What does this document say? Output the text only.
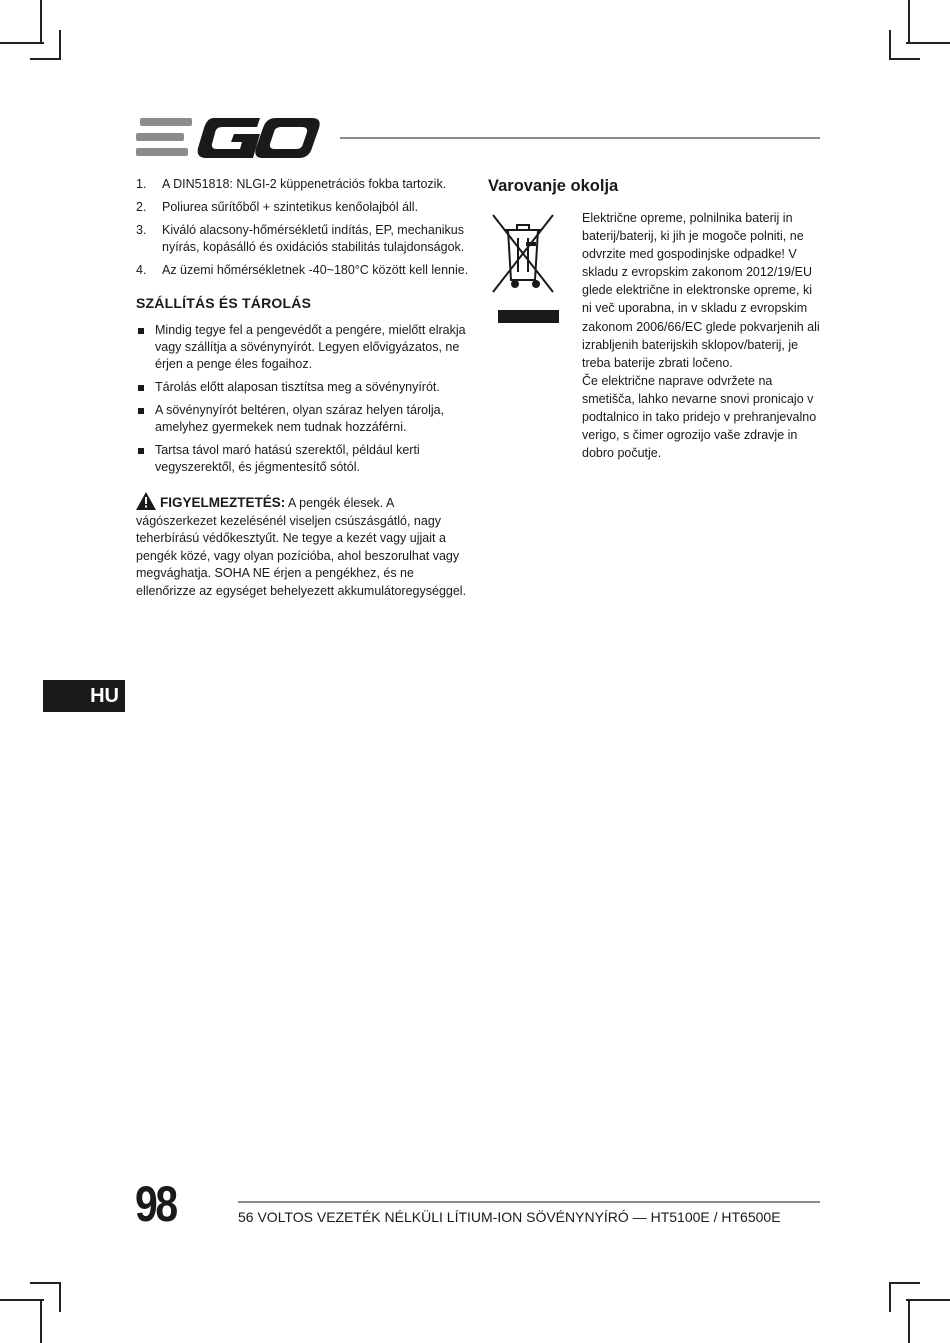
1.	A DIN51818: NLGI-2 küppenetrációs fokba tartozik.
2.	Poliurea sűrítőből + szintetikus kenőolajból áll.
3.	Kiváló alacsony-hőmérsékletű indítás, EP, mechanikus nyírás, kopásálló és oxidációs stabilitás tulajdonságok.
4.	Az üzemi hőmérsékletnek -40~180°C között kell lennie.
SZÁLLÍTÁS ÉS TÁROLÁS
Mindig tegye fel a pengevédőt a pengére, mielőtt elrakja vagy szállítja a sövénynyírót. Legyen elővigyázatos, ne érjen a penge éles fogaihoz.
Tárolás előtt alaposan tisztítsa meg a sövénynyírót.
A sövénynyírót beltéren, olyan száraz helyen tárolja, amelyhez gyermekek nem tudnak hozzáférni.
Tartsa távol maró hatású szerektől, például kerti vegyszerektől, és jégmentesítő sótól.
FIGYELMEZTETÉS: A pengék élesek. A vágószerkezet kezelésénél viseljen csúszásgátló, nagy teherbírású védőkesztyűt. Ne tegye a kezét vagy ujjait a pengék közé, vagy olyan pozícióba, ahol beszorulhat vagy megvághatja. SOHA NE érjen a pengékhez, és ne ellenőrizze az egységet behelyezett akkumulátoregységgel.
Varovanje okolja

Električne opreme, polnilnika baterij in baterij/baterij, ki jih je mogoče polniti, ne odvrzite med gospodinjske odpadke! V skladu z evropskim zakonom 2012/19/EU glede električne in elektronske opreme, ki ni več uporabna, in v skladu z evropskim zakonom 2006/66/EC glede pokvarjenih ali izrabljenih baterijskih sklopov/baterij, je treba baterije zbrati ločeno.

Če električne naprave odvržete na smetišča, lahko nevarne snovi pronicajo v podtalnico in tako pridejo v prehranjevalno verigo, s čimer ogrozijo vaše zdravje in dobro počutje.

HU
98	56 VOLTOS VEZETÉK NÉLKÜLI LÍTIUM-ION SÖVÉNYNYÍRÓ — HT5100E / HT6500E
